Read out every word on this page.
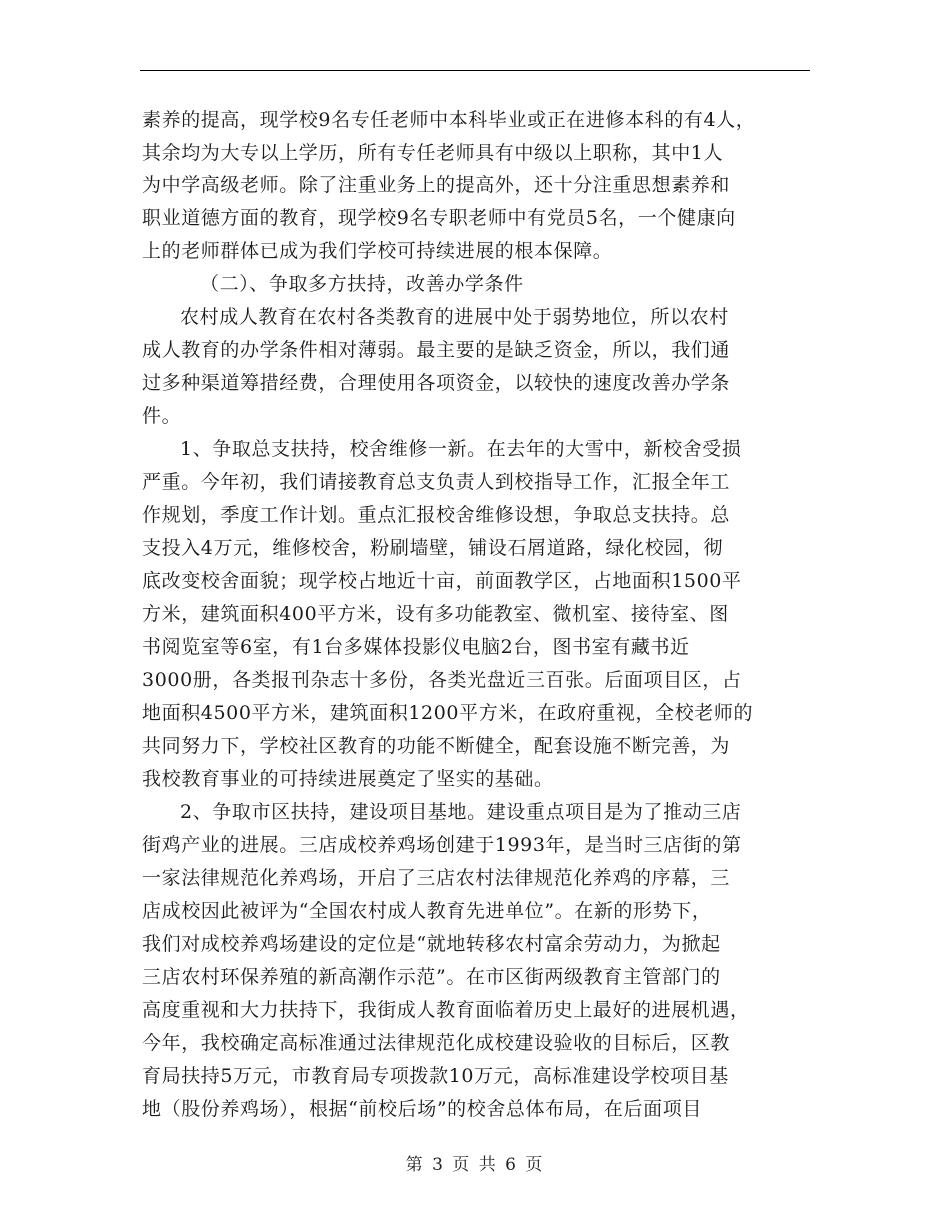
素养的提高，现学校9名专任老师中本科毕业或正在进修本科的有4人，
其余均为大专以上学历，所有专任老师具有中级以上职称，其中1人
为中学高级老师。除了注重业务上的提高外，还十分注重思想素养和
职业道德方面的教育，现学校9名专职老师中有党员5名，一个健康向
上的老师群体已成为我们学校可持续进展的根本保障。
（二）、争取多方扶持，改善办学条件
农村成人教育在农村各类教育的进展中处于弱势地位，所以农村
成人教育的办学条件相对薄弱。最主要的是缺乏资金，所以，我们通
过多种渠道筹措经费，合理使用各项资金，以较快的速度改善办学条
件。
1、争取总支扶持，校舍维修一新。在去年的大雪中，新校舍受损
严重。今年初，我们请接教育总支负责人到校指导工作，汇报全年工
作规划，季度工作计划。重点汇报校舍维修设想，争取总支扶持。总
支投入4万元，维修校舍，粉刷墙壁，铺设石屑道路，绿化校园，彻
底改变校舍面貌；现学校占地近十亩，前面教学区，占地面积1500平
方米，建筑面积400平方米，设有多功能教室、微机室、接待室、图
书阅览室等6室，有1台多媒体投影仪电脑2台，图书室有藏书近
3000册，各类报刊杂志十多份，各类光盘近三百张。后面项目区，占
地面积4500平方米，建筑面积1200平方米，在政府重视，全校老师的
共同努力下，学校社区教育的功能不断健全，配套设施不断完善，为
我校教育事业的可持续进展奠定了坚实的基础。
2、争取市区扶持，建设项目基地。建设重点项目是为了推动三店
街鸡产业的进展。三店成校养鸡场创建于1993年，是当时三店街的第
一家法律规范化养鸡场，开启了三店农村法律规范化养鸡的序幕，三
店成校因此被评为“全国农村成人教育先进单位”。在新的形势下，
我们对成校养鸡场建设的定位是“就地转移农村富余劳动力，为掀起
三店农村环保养殖的新高潮作示范”。在市区街两级教育主管部门的
高度重视和大力扶持下，我街成人教育面临着历史上最好的进展机遇，
今年，我校确定高标准通过法律规范化成校建设验收的目标后，区教
育局扶持5万元，市教育局专项拨款10万元，高标准建设学校项目基
地（股份养鸡场），根据“前校后场”的校舍总体布局，在后面项目
第 3 页 共 6 页
